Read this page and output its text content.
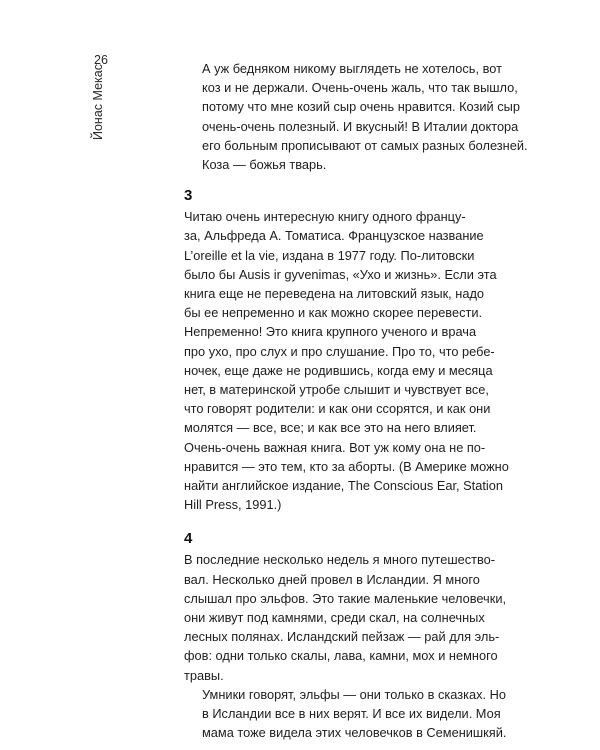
26
Йонас Мекас	А уж бедняком никому выглядеть не хотелось, вот
коз и не держали. Очень-очень жаль, что так вышло,
потому что мне козий сыр очень нравится. Козий сыр
очень-очень полезный. И вкусный! В Италии доктора
его больным прописывают от самых разных болезней.

Коза — божья тварь.

3

Читаю очень интересную книгу одного францу-
за, Альфреда А. Томатиса. Французское название
L’oreille et la vie, издана в 1977 году. По-литовски
было бы Ausis ir gyvenimas, «Ухо и жизнь». Если эта
книга еще не переведена на литовский язык, надо
бы ее непременно и как можно скорее перевести.
Непременно! Это книга крупного ученого и врача
про ухо, про слух и про слушание. Про то, что ребе-
ночек, еще даже не родившись, когда ему и месяца
нет, в материнской утробе слышит и чувствует все,
что говорят родители: и как они ссорятся, и как они
молятся — все, все; и как все это на него влияет.
Очень-очень важная книга. Вот уж кому она не по-
нравится — это тем, кто за аборты. (В Америке можно
найти английское издание, The Conscious Ear, Station
Hill Press, 1991.)

4

В последние несколько недель я много путешество-
вал. Несколько дней провел в Исландии. Я много
слышал про эльфов. Это такие маленькие человечки,
они живут под камнями, среди скал, на солнечных
лесных полянах. Исландский пейзаж — рай для эль-
фов: одни только скалы, лава, камни, мох и немного
травы.

Умники говорят, эльфы — они только в сказках. Но
в Исландии все в них верят. И все их видели. Моя
мама тоже видела этих человечков в Семенишкяй.
